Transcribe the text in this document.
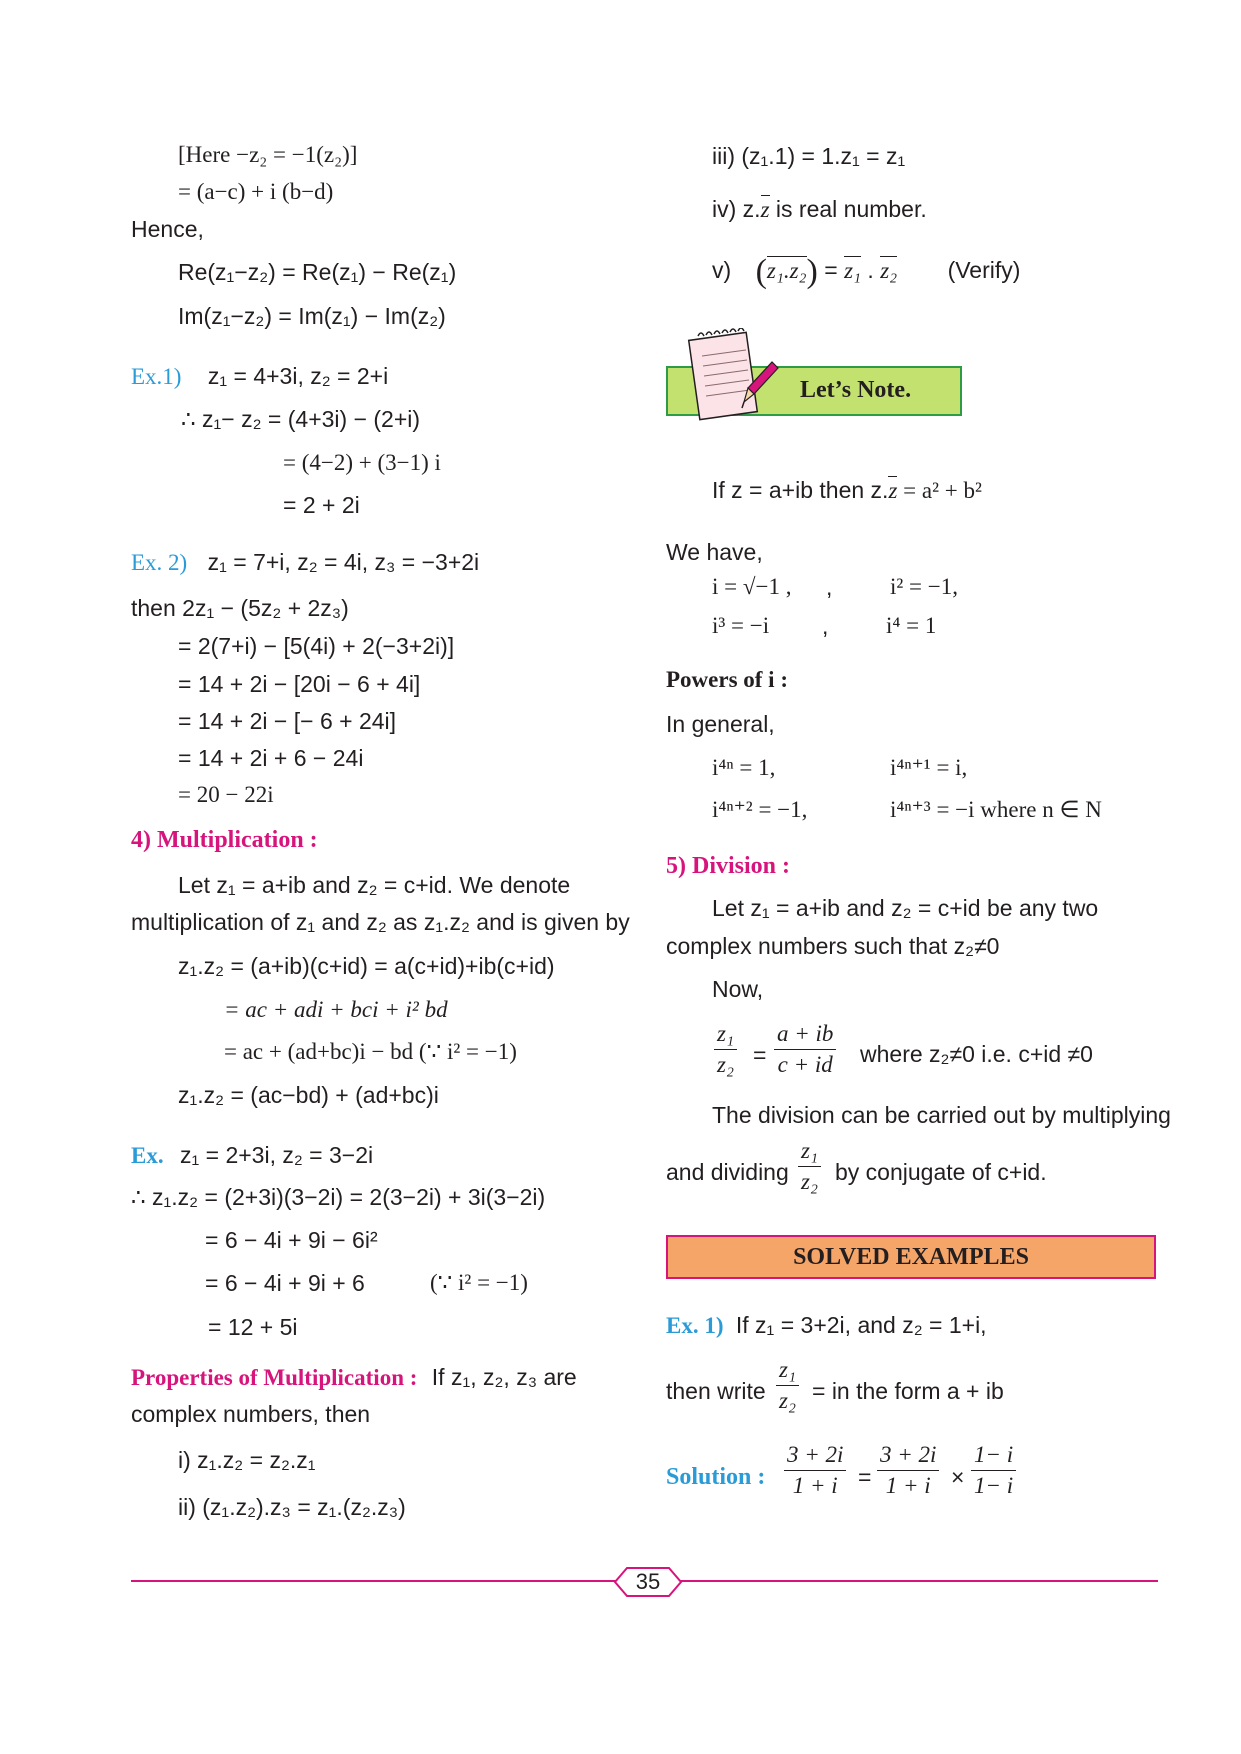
[Here −z₂ = −1(z₂)]
= (a−c) + i (b−d)
Hence,
Re(z₁−z₂) = Re(z₁) − Re(z₁)
Im(z₁−z₂) = Im(z₁) − Im(z₂)
Ex.1) z₁ = 4+3i, z₂ = 2+i
∴ z₁− z₂ = (4+3i) − (2+i)
= (4−2) + (3−1) i
= 2 + 2i
Ex. 2) z₁ = 7+i, z₂ = 4i, z₃ = −3+2i
then 2z₁ − (5z₂ + 2z₃)
= 2(7+i) − [5(4i) + 2(−3+2i)]
= 14 + 2i − [20i − 6 + 4i]
= 14 + 2i − [− 6 + 24i]
= 14 + 2i + 6 − 24i
= 20 − 22i
4) Multiplication :
Let z₁ = a+ib and z₂ = c+id. We denote
multiplication of z₁ and z₂ as z₁.z₂ and is given by
z₁.z₂ = (a+ib)(c+id) = a(c+id)+ib(c+id)
= ac + adi + bci + i² bd
= ac + (ad+bc)i − bd (∵ i² = −1)
z₁.z₂ = (ac−bd) + (ad+bc)i
Ex. z₁ = 2+3i, z₂ = 3−2i
∴ z₁.z₂ = (2+3i)(3−2i) = 2(3−2i) + 3i(3−2i)
= 6 − 4i + 9i − 6i²
= 6 − 4i + 9i + 6	(∵ i² = −1)
= 12 + 5i
Properties of Multiplication : If z₁, z₂, z₃ are
complex numbers, then
i) z₁.z₂ = z₂.z₁
ii) (z₁.z₂).z₃ = z₁.(z₂.z₃)
iii) (z₁.1) = 1.z₁ = z₁
iv) z.z is real number.
v) (z₁.z₂) = z₁ . z₂ (Verify)
Let’s Note.
If z = a+ib then z.z = a² + b²
We have,
i = √−1 , ,	i² = −1,
i³ = −i ,	i⁴ = 1
Powers of i :
In general,
i⁴ⁿ = 1,	i⁴ⁿ⁺¹ = i,
i⁴ⁿ⁺² = −1,	i⁴ⁿ⁺³ = −i where n ∈ N
5) Division :
Let z₁ = a+ib and z₂ = c+id be any two
complex numbers such that z₂≠0
Now,
z₁
z₂ =
a + ib
c + id where z₂≠0 i.e. c+id ≠0
The division can be carried out by multiplying
and dividing
z₁
z₂ by conjugate of c+id.
SOLVED EXAMPLES
Ex. 1) If z₁ = 3+2i, and z₂ = 1+i,
then write
z₁
z₂ = in the form a + ib
Solution :
3 + 2i
1 + i =
3 + 2i
1 + i ×
1− i
1− i
35
